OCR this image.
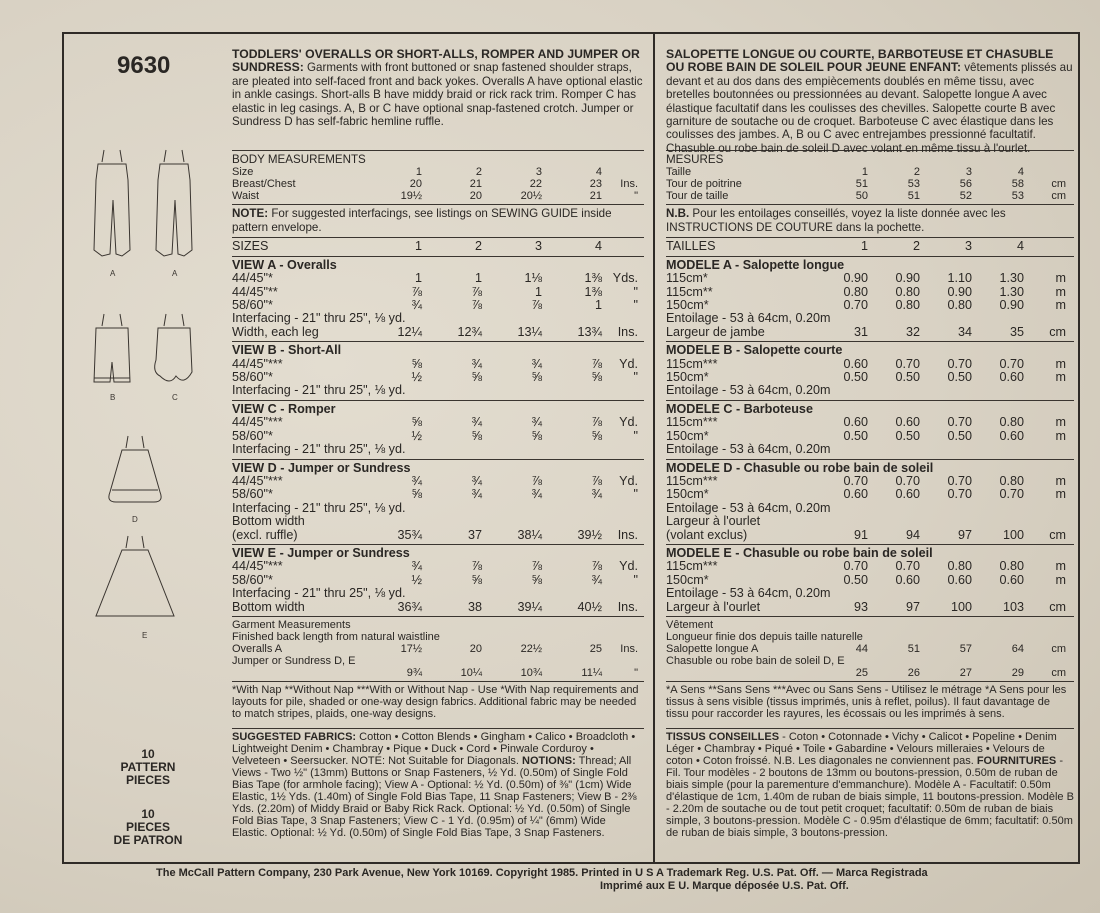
9630
A	A
B	C
D
E
10
PATTERN
PIECES
10
PIECES
DE PATRON
TODDLERS' OVERALLS OR SHORT-ALLS, ROMPER AND JUMPER OR SUNDRESS: Garments with front buttoned or snap fastened shoulder straps, are pleated into self-faced front and back yokes. Overalls A have optional elastic in ankle casings. Short-alls B have middy braid or rick rack trim. Romper C has elastic in leg casings. A, B or C have optional snap-fastened crotch. Jumper or Sundress D has self-fabric hemline ruffle.
BODY MEASUREMENTS
Size	1	2	3	4
Breast/Chest	20	21	22	23	Ins.
Waist	19½	20	20½	21	"
NOTE: For suggested interfacings, see listings on SEWING GUIDE inside pattern envelope.
SIZES	1	2	3	4
VIEW A - Overalls
44/45"*	1	1	1⅛	1⅜ Yds.
44/45"**	⅞	⅞	1	1⅜	"
58/60"*	¾	⅞	⅞	1	"
Interfacing - 21" thru 25", ⅛ yd.
Width, each leg	12¼	12¾	13¼	13¾	Ins.
VIEW B - Short-All
44/45"***	⅝	¾	¾	⅞	Yd.
58/60"*	½	⅝	⅝	⅝	"
Interfacing - 21" thru 25", ⅛ yd.
VIEW C - Romper
44/45"***	⅝	¾	¾	⅞	Yd.
58/60"*	½	⅝	⅝	⅝	"
Interfacing - 21" thru 25", ⅛ yd.
VIEW D - Jumper or Sundress
44/45"***	¾	¾	⅞	⅞	Yd.
58/60"*	⅝	¾	¾	¾	"
Interfacing - 21" thru 25", ⅛ yd.
Bottom width
(excl. ruffle)	35¾	37	38¼	39½	Ins.
VIEW E - Jumper or Sundress
44/45"***	¾	⅞	⅞	⅞	Yd.
58/60"*	½	⅝	⅝	¾	"
Interfacing - 21" thru 25", ⅛ yd.
Bottom width	36¾	38	39¼	40½	Ins.
Garment Measurements
Finished back length from natural waistline
Overalls A	17½	20	22½	25	Ins.
Jumper or Sundress D, E
9¾	10¼	10¾	11¼	"
*With Nap **Without Nap ***With or Without Nap - Use *With Nap requirements and layouts for pile, shaded or one-way design fabrics. Additional fabric may be needed to match stripes, plaids, one-way designs.
SUGGESTED FABRICS: Cotton • Cotton Blends • Gingham • Calico • Broadcloth • Lightweight Denim • Chambray • Pique • Duck • Cord • Pinwale Corduroy • Velveteen • Seersucker. NOTE: Not Suitable for Diagonals. NOTIONS: Thread; All Views - Two ½" (13mm) Buttons or Snap Fasteners, ½ Yd. (0.50m) of Single Fold Bias Tape (for armhole facing); View A - Optional: ½ Yd. (0.50m) of ⅜" (1cm) Wide Elastic, 1½ Yds. (1.40m) of Single Fold Bias Tape, 11 Snap Fasteners; View B - 2⅜ Yds. (2.20m) of Middy Braid or Baby Rick Rack. Optional: ½ Yd. (0.50m) of Single Fold Bias Tape, 3 Snap Fasteners; View C - 1 Yd. (0.95m) of ¼" (6mm) Wide Elastic. Optional: ½ Yd. (0.50m) of Single Fold Bias Tape, 3 Snap Fasteners.
SALOPETTE LONGUE OU COURTE, BARBOTEUSE ET CHASUBLE OU ROBE BAIN DE SOLEIL POUR JEUNE ENFANT: vêtements plissés au devant et au dos dans des empiècements doublés en même tissu, avec bretelles boutonnées ou pressionnées au devant. Salopette longue A avec élastique facultatif dans les coulisses des chevilles. Salopette courte B avec garniture de soutache ou de croquet. Barboteuse C avec élastique dans les coulisses des jambes. A, B ou C avec entrejambes pressionné facultatif. Chasuble ou robe bain de soleil D avec volant en même tissu à l'ourlet.
MESURES
Taille	1	2	3	4
Tour de poitrine	51	53	56	58	cm
Tour de taille	50	51	52	53	cm
N.B. Pour les entoilages conseillés, voyez la liste donnée avec les INSTRUCTIONS DE COUTURE dans la pochette.
TAILLES	1	2	3	4
MODELE A - Salopette longue
115cm*	0.90	0.90	1.10	1.30	m
115cm**	0.80	0.80	0.90	1.30	m
150cm*	0.70	0.80	0.80	0.90	m
Entoilage - 53 à 64cm, 0.20m
Largeur de jambe	31	32	34	35	cm
MODELE B - Salopette courte
115cm***	0.60	0.70	0.70	0.70	m
150cm*	0.50	0.50	0.50	0.60	m
Entoilage - 53 à 64cm, 0.20m
MODELE C - Barboteuse
115cm***	0.60	0.60	0.70	0.80	m
150cm*	0.50	0.50	0.50	0.60	m
Entoilage - 53 à 64cm, 0.20m
MODELE D - Chasuble ou robe bain de soleil
115cm***	0.70	0.70	0.70	0.80	m
150cm*	0.60	0.60	0.70	0.70	m
Entoilage - 53 à 64cm, 0.20m
Largeur à l'ourlet
(volant exclus)	91	94	97	100	cm
MODELE E - Chasuble ou robe bain de soleil
115cm***	0.70	0.70	0.80	0.80	m
150cm*	0.50	0.60	0.60	0.60	m
Entoilage - 53 à 64cm, 0.20m
Largeur à l'ourlet	93	97	100	103	cm
Vêtement
Longueur finie dos depuis taille naturelle
Salopette longue A	44	51	57	64	cm
Chasuble ou robe bain de soleil D, E
25	26	27	29	cm
*A Sens **Sans Sens ***Avec ou Sans Sens - Utilisez le métrage *A Sens pour les tissus à sens visible (tissus imprimés, unis à reflet, poilus). Il faut davantage de tissu pour raccorder les rayures, les écossais ou les imprimés à sens.
TISSUS CONSEILLES - Coton • Cotonnade • Vichy • Calicot • Popeline • Denim Léger • Chambray • Piqué • Toile • Gabardine • Velours milleraies • Velours de coton • Coton froissé. N.B. Les diagonales ne conviennent pas. FOURNITURES - Fil. Tour modèles - 2 boutons de 13mm ou boutons-pression, 0.50m de ruban de biais simple (pour la parementure d'emmanchure). Modèle A - Facultatif: 0.50m d'élastique de 1cm, 1.40m de ruban de biais simple, 11 boutons-pression. Modèle B - 2.20m de soutache ou de tout petit croquet; facultatif: 0.50m de ruban de biais simple, 3 boutons-pression. Modèle C - 0.95m d'élastique de 6mm; facultatif: 0.50m de ruban de biais simple, 3 boutons-pression.
The McCall Pattern Company, 230 Park Avenue, New York 10169. Copyright 1985. Printed in U S A Trademark Reg. U.S. Pat. Off. — Marca Registrada
Imprimé aux E U. Marque déposée U.S. Pat. Off.
